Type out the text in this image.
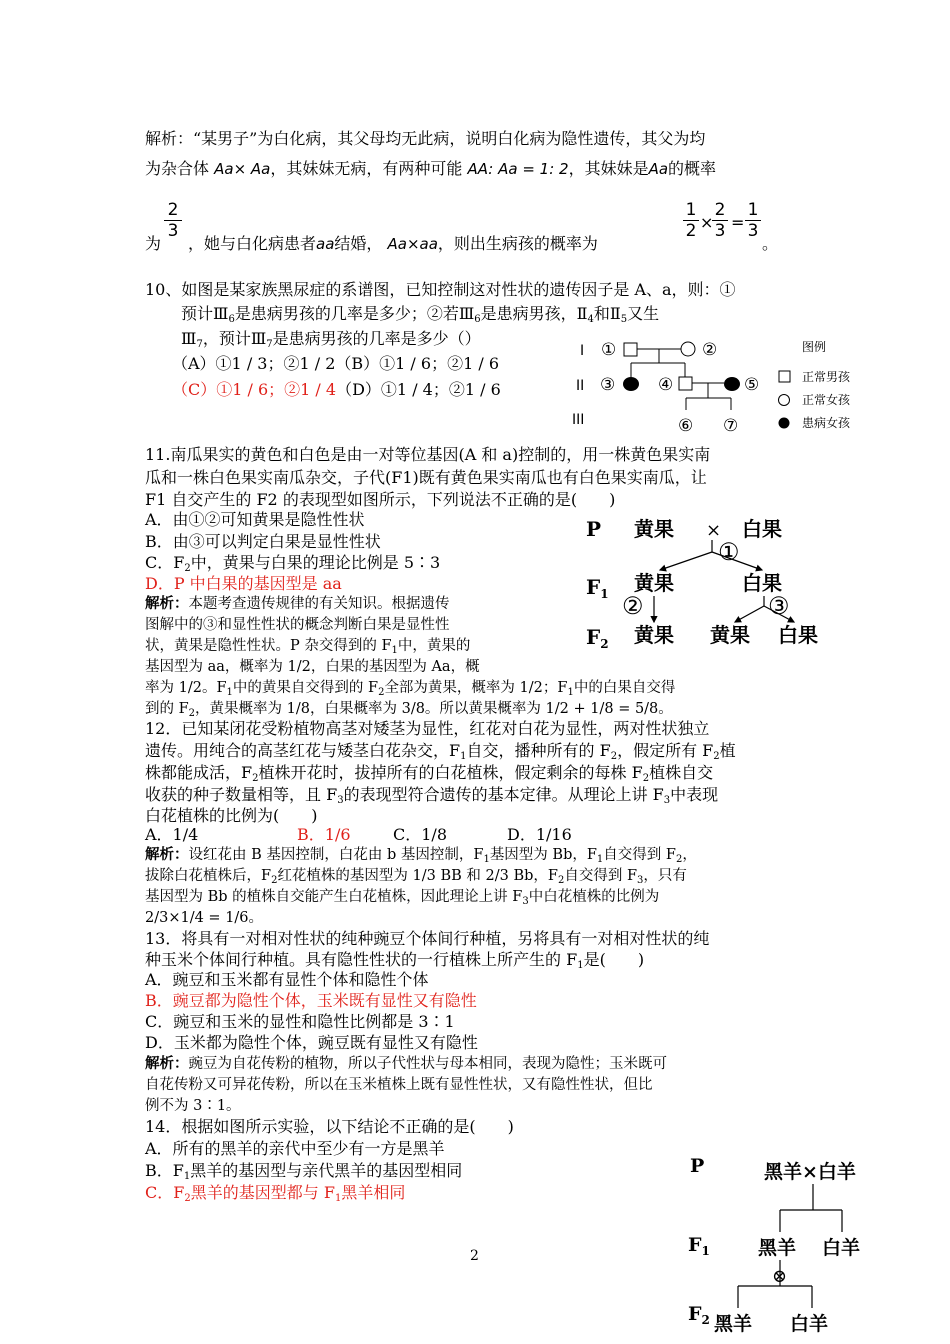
解析：“某男子”为白化病，其父母均无此病，说明白化病为隐性遗传，其父为均
为杂合体 Aa× Aa，其妹妹无病，有两种可能 AA: Aa = 1: 2，其妹妹是Aa的概率
为
$\frac{2}{3}$
，她与白化病患者aa结婚， Aa×aa，则出生病孩的概率为
$\frac{1}{2}$ ×
$\frac{2}{3} = \frac{1}{3}$
。
10、如图是某家族黑尿症的系谱图，已知控制这对性状的遗传因子是 A、a，则：①
预计$Ⅲ_6$是患病男孩的几率是多少；②若$Ⅲ_6$是患病男孩，$Ⅱ_4$和$Ⅱ_5$又生
$Ⅲ_7$，预计$Ⅲ_7$是患病男孩的几率是多少（）
（A）①1 / 3；②1 / 2（B）①1 / 6；②1 / 6
（C）①1 / 6；②1 / 4（D）①1 / 4；②1 / 6
I
II
III
①	②
③	④	⑤
⑥ ⑦
图例
正常男孩
正常女孩
患病女孩
11.南瓜果实的黄色和白色是由一对等位基因(A 和 a)控制的，用一株黄色果实南
瓜和一株白色果实南瓜杂交，子代(F1)既有黄色果实南瓜也有白色果实南瓜，让
F1 自交产生的 F2 的表现型如图所示，下列说法不正确的是(　　)
A．由①②可知黄果是隐性性状
B．由③可以判定白果是显性性状
C．$F_2$中，黄果与白果的理论比例是 5∶3
D．P 中白果的基因型是 aa
解析：本题考查遗传规律的有关知识。根据遗传
图解中的③和显性性状的概念判断白果是显性性
状，黄果是隐性性状。P 杂交得到的 $F_1$中，黄果的
基因型为 aa，概率为 1/2，白果的基因型为 Aa，概
率为 1/2。$F_1$中的黄果自交得到的 $F_2$全部为黄果，概率为 1/2；$F_1$中的白果自交得
到的 $F_2$，黄果概率为 1/8，白果概率为 3/8。所以黄果概率为 1/2 + 1/8 = 5/8。
P
$F_1$
$F_2$
黄果	白果
黄果	白果
黄果 黄果 白果
×
①
②	③
12．已知某闭花受粉植物高茎对矮茎为显性，红花对白花为显性，两对性状独立
遗传。用纯合的高茎红花与矮茎白花杂交，$F_1$自交，播种所有的 $F_2$，假定所有 $F_2$植
株都能成活，$F_2$植株开花时，拔掉所有的白花植株，假定剩余的每株 $F_2$植株自交
收获的种子数量相等，且 $F_3$的表现型符合遗传的基本定律。从理论上讲 $F_3$中表现
白花植株的比例为(　　)
A．1/4	B．1/6	C．1/8	D．1/16
解析：设红花由 B 基因控制，白花由 b 基因控制，$F_1$基因型为 Bb，$F_1$自交得到 $F_2$，
拔除白花植株后，$F_2$红花植株的基因型为 1/3 BB 和 2/3 Bb，$F_2$自交得到 $F_3$，只有
基因型为 Bb 的植株自交能产生白花植株，因此理论上讲 $F_3$中白花植株的比例为
2/3×1/4 = 1/6。
13．将具有一对相对性状的纯种豌豆个体间行种植，另将具有一对相对性状的纯
种玉米个体间行种植。具有隐性性状的一行植株上所产生的 $F_1$是(　　)
A．豌豆和玉米都有显性个体和隐性个体
B．豌豆都为隐性个体，玉米既有显性又有隐性
C．豌豆和玉米的显性和隐性比例都是 3∶1
D．玉米都为隐性个体，豌豆既有显性又有隐性
解析：豌豆为自花传粉的植物，所以子代性状与母本相同，表现为隐性；玉米既可
自花传粉又可异花传粉，所以在玉米植株上既有显性性状，又有隐性性状，但比
例不为 3∶1。
14．根据如图所示实验，以下结论不正确的是(　　)
A．所有的黑羊的亲代中至少有一方是黑羊
B．$F_1$黑羊的基因型与亲代黑羊的基因型相同
C．$F_2$黑羊的基因型都与 $F_1$黑羊相同
P
$F_1$
$F_2$
黑羊×白羊
黑羊 白羊
黑羊 白羊
⊗
2
